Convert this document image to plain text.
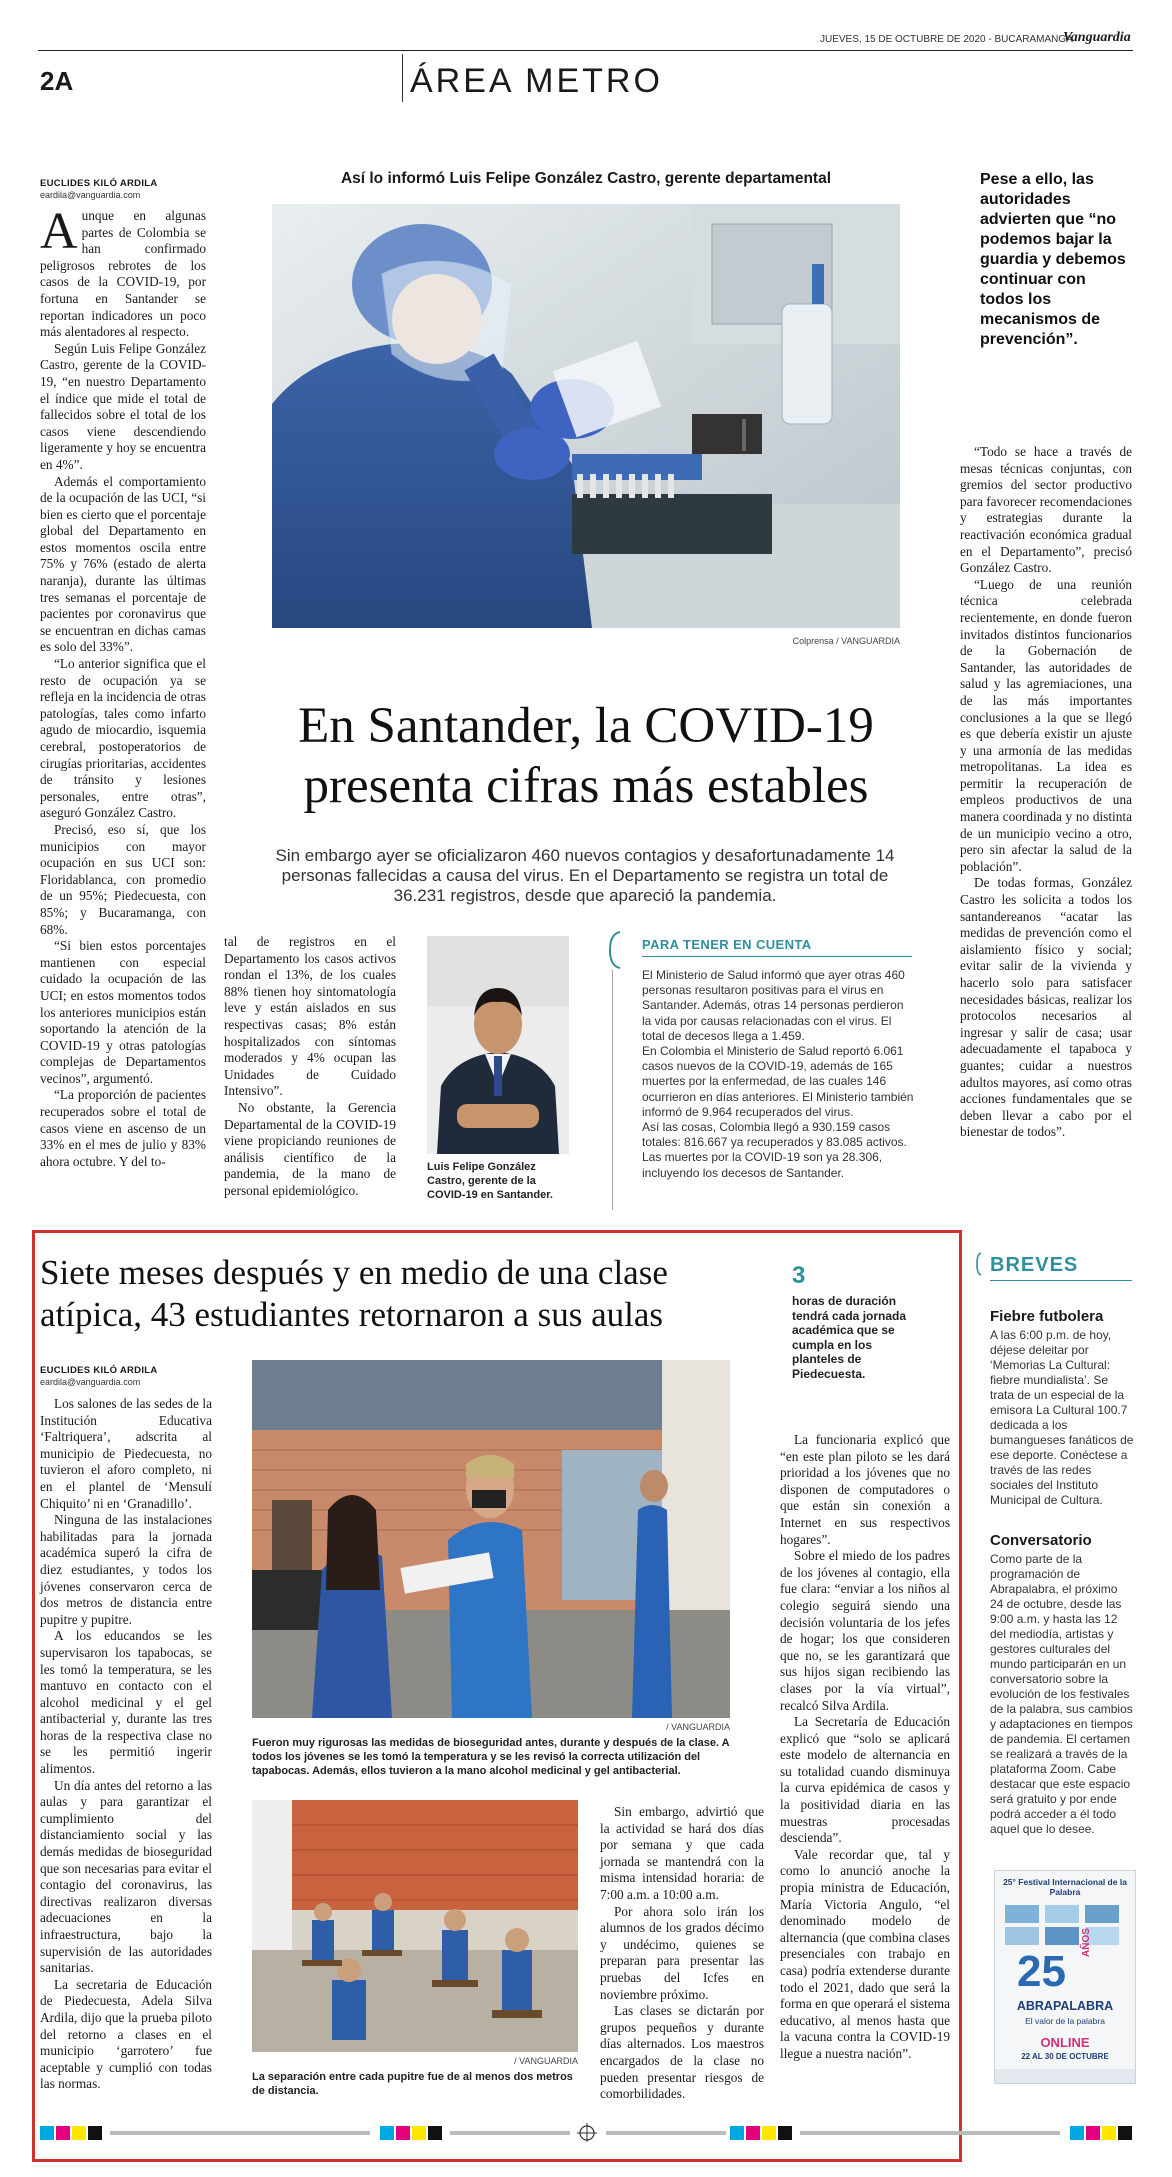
JUEVES, 15 DE OCTUBRE DE 2020 - BUCARAMANGA
Vanguardia
2A	ÁREA METRO
EUCLIDES KILÓ ARDILA
eardila@vanguardia.com

Aunque en algunas partes de Colombia se han confirmado peligrosos rebrotes de los casos de la COVID-19, por fortuna en Santander se reportan indicadores un poco más alentadores al respecto.

Según Luis Felipe González Castro, gerente de la COVID-19, “en nuestro Departamento el índice que mide el total de fallecidos sobre el total de los casos viene descendiendo ligeramente y hoy se encuentra en 4%”.

Además el comportamiento de la ocupación de las UCI, “si bien es cierto que el porcentaje global del Departamento en estos momentos oscila entre 75% y 76% (estado de alerta naranja), durante las últimas tres semanas el porcentaje de pacientes por coronavirus que se encuentran en dichas camas es solo del 33%”.

“Lo anterior significa que el resto de ocupación ya se refleja en la incidencia de otras patologías, tales como infarto agudo de miocardio, isquemia cerebral, postoperatorios de cirugías prioritarias, accidentes de tránsito y lesiones personales, entre otras”, aseguró González Castro.

Precisó, eso sí, que los municipios con mayor ocupación en sus UCI son: Floridablanca, con promedio de un 95%; Piedecuesta, con 85%; y Bucaramanga, con 68%.

“Si bien estos porcentajes mantienen con especial cuidado la ocupación de las UCI; en estos momentos todos los anteriores municipios están soportando la atención de la COVID-19 y otras patologías complejas de Departamentos vecinos”, argumentó.

“La proporción de pacientes recuperados sobre el total de casos viene en ascenso de un 33% en el mes de julio y 83% ahora octubre. Y del to-

Así lo informó Luis Felipe González Castro, gerente departamental
Colprensa / VANGUARDIA
En Santander, la COVID-19
presenta cifras más estables
Sin embargo ayer se oficializaron 460 nuevos contagios y desafortunadamente 14 personas fallecidas a causa del virus. En el Departamento se registra un total de 36.231 registros, desde que apareció la pandemia.

tal de registros en el Departamento los casos activos rondan el 13%, de los cuales 88% tienen hoy sintomatología leve y están aislados en sus respectivas casas; 8% están hospitalizados con síntomas moderados y 4% ocupan las Unidades de Cuidado Intensivo”.

No obstante, la Gerencia Departamental de la COVID-19 viene propiciando reuniones de análisis científico de la pandemia, de la mano de personal epidemiológico.

Luis Felipe González Castro, gerente de la COVID-19 en Santander.
PARA TENER EN CUENTA
El Ministerio de Salud informó que ayer otras 460 personas resultaron positivas para el virus en Santander. Además, otras 14 personas perdieron la vida por causas relacionadas con el virus. El total de decesos llega a 1.459.
En Colombia el Ministerio de Salud reportó 6.061 casos nuevos de la COVID-19, además de 165 muertes por la enfermedad, de las cuales 146 ocurrieron en días anteriores. El Ministerio también informó de 9.964 recuperados del virus.
Así las cosas, Colombia llegó a 930.159 casos totales: 816.667 ya recuperados y 83.085 activos. Las muertes por la COVID-19 son ya 28.306, incluyendo los decesos de Santander.
Pese a ello, las autoridades advierten que “no podemos bajar la guardia y debemos continuar con todos los mecanismos de prevención”.

“Todo se hace a través de mesas técnicas conjuntas, con gremios del sector productivo para favorecer recomendaciones y estrategias durante la reactivación económica gradual en el Departamento”, precisó González Castro.

“Luego de una reunión técnica celebrada recientemente, en donde fueron invitados distintos funcionarios de la Gobernación de Santander, las autoridades de salud y las agremiaciones, una de las más importantes conclusiones a la que se llegó es que debería existir un ajuste y una armonía de las medidas metropolitanas. La idea es permitir la recuperación de empleos productivos de una manera coordinada y no distinta de un municipio vecino a otro, pero sin afectar la salud de la población”.

De todas formas, González Castro les solicita a todos los santandereanos “acatar las medidas de prevención como el aislamiento físico y social; evitar salir de la vivienda y hacerlo solo para satisfacer necesidades básicas, realizar los protocolos necesarios al ingresar y salir de casa; usar adecuadamente el tapaboca y guantes; cuidar a nuestros adultos mayores, así como otras acciones fundamentales que se deben llevar a cabo por el bienestar de todos”.

Siete meses después y en medio de una clase
atípica, 43 estudiantes retornaron a sus aulas
3
horas de duración tendrá cada jornada académica que se cumpla en los planteles de Piedecuesta.
EUCLIDES KILÓ ARDILA
eardila@vanguardia.com

Los salones de las sedes de la Institución Educativa ‘Faltriquera’, adscrita al municipio de Piedecuesta, no tuvieron el aforo completo, ni en el plantel de ‘Mensulí Chiquito’ ni en ‘Granadillo’.

Ninguna de las instalaciones habilitadas para la jornada académica superó la cifra de diez estudiantes, y todos los jóvenes conservaron cerca de dos metros de distancia entre pupitre y pupitre.

A los educandos se les supervisaron los tapabocas, se les tomó la temperatura, se les mantuvo en contacto con el alcohol medicinal y el gel antibacterial y, durante las tres horas de la respectiva clase no se les permitió ingerir alimentos.

Un día antes del retorno a las aulas y para garantizar el cumplimiento del distanciamiento social y las demás medidas de bioseguridad que son necesarias para evitar el contagio del coronavirus, las directivas realizaron diversas adecuaciones en la infraestructura, bajo la supervisión de las autoridades sanitarias.

La secretaria de Educación de Piedecuesta, Adela Silva Ardila, dijo que la prueba piloto del retorno a clases en el municipio ‘garrotero’ fue aceptable y cumplió con todas las normas.

/ VANGUARDIA
Fueron muy rigurosas las medidas de bioseguridad antes, durante y después de la clase. A todos los jóvenes se les tomó la temperatura y se les revisó la correcta utilización del tapabocas. Además, ellos tuvieron a la mano alcohol medicinal y gel antibacterial.
/ VANGUARDIA
La separación entre cada pupitre fue de al menos dos metros de distancia.

Sin embargo, advirtió que la actividad se hará dos días por semana y que cada jornada se mantendrá con la misma intensidad horaria: de 7:00 a.m. a 10:00 a.m.

Por ahora solo irán los alumnos de los grados décimo y undécimo, quienes se preparan para presentar las pruebas del Icfes en noviembre próximo.

Las clases se dictarán por grupos pequeños y durante días alternados. Los maestros encargados de la clase no pueden presentar riesgos de comorbilidades.

La funcionaria explicó que “en este plan piloto se les dará prioridad a los jóvenes que no disponen de computadores o que están sin conexión a Internet en sus respectivos hogares”.

Sobre el miedo de los padres de los jóvenes al contagio, ella fue clara: “enviar a los niños al colegio seguirá siendo una decisión voluntaria de los jefes de hogar; los que consideren que no, se les garantizará que sus hijos sigan recibiendo las clases por la vía virtual”, recalcó Silva Ardila.

La Secretaría de Educación explicó que “solo se aplicará este modelo de alternancia en su totalidad cuando disminuya la curva epidémica de casos y la positividad diaria en las muestras procesadas descienda”.

Vale recordar que, tal y como lo anunció anoche la propia ministra de Educación, María Victoria Angulo, “el denominado modelo de alternancia (que combina clases presenciales con trabajo en casa) podría extenderse durante todo el 2021, dado que será la forma en que operará el sistema educativo, al menos hasta que la vacuna contra la COVID-19 llegue a nuestra nación”.

BREVES
Fiebre futbolera
A las 6:00 p.m. de hoy, déjese deleitar por ‘Memorias La Cultural: fiebre mundialista’. Se trata de un especial de la emisora La Cultural 100.7 dedicada a los bumangueses fanáticos de ese deporte. Conéctese a través de las redes sociales del Instituto Municipal de Cultura.
Conversatorio
Como parte de la programación de Abrapalabra, el próximo 24 de octubre, desde las 9:00 a.m. y hasta las 12 del mediodía, artistas y gestores culturales del mundo participarán en un conversatorio sobre la evolución de los festivales de la palabra, sus cambios y adaptaciones en tiempos de pandemia. El certamen se realizará a través de la plataforma Zoom. Cabe destacar que este espacio será gratuito y por ende podrá acceder a él todo aquel que lo desee.
25° Festival Internacional de la Palabra
25
AÑOS
ABRAPALABRA
El valor de la palabra
ONLINE
22 AL 30 DE OCTUBRE
